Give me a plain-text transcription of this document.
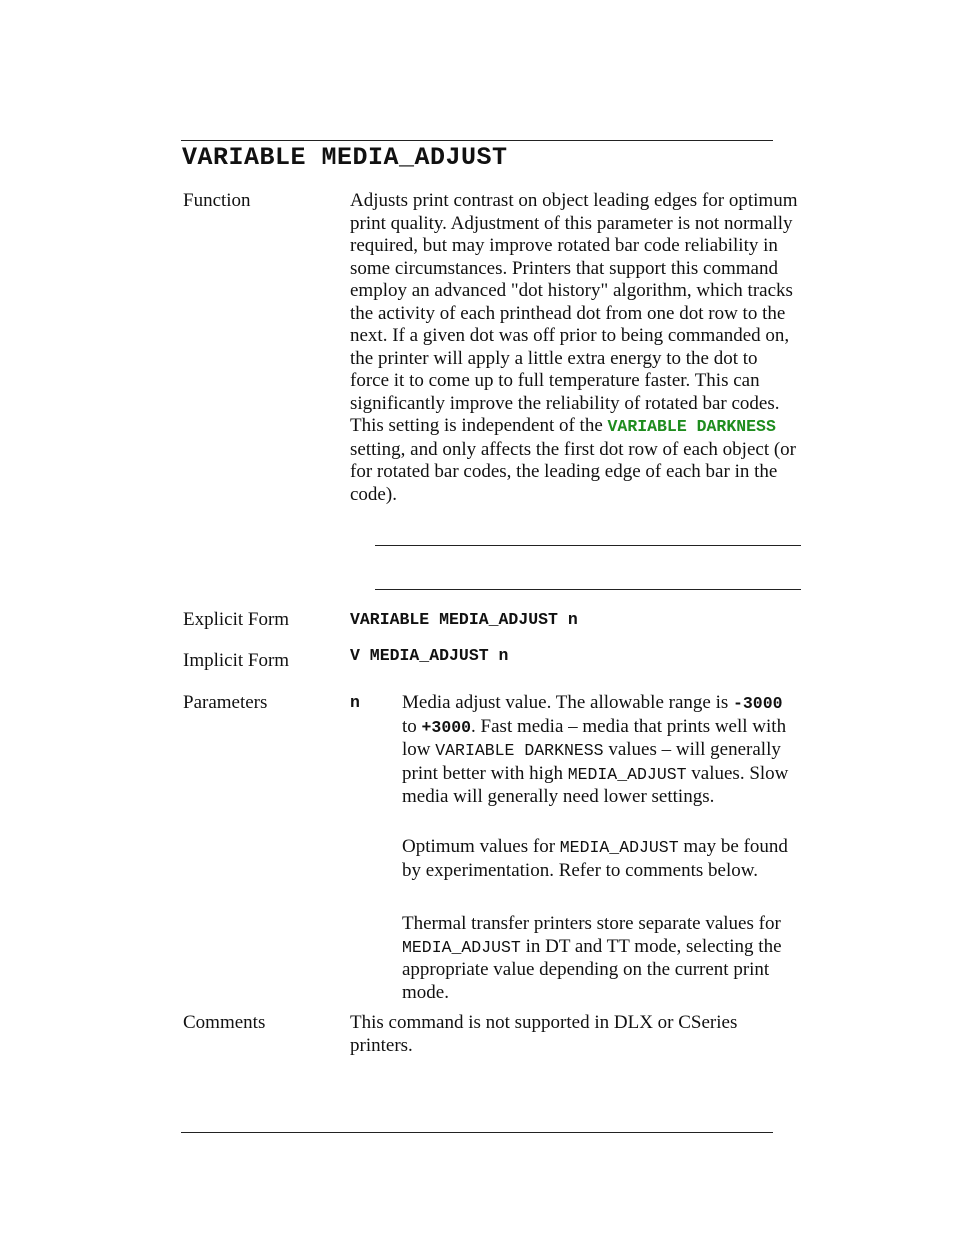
VARIABLE MEDIA_ADJUST
Function	Adjusts print contrast on object leading edges for optimum print quality. Adjustment of this parameter is not normally required, but may improve rotated bar code reliability in some circumstances. Printers that support this command employ an advanced "dot history" algorithm, which tracks the activity of each printhead dot from one dot row to the next. If a given dot was off prior to being commanded on, the printer will apply a little extra energy to the dot to force it to come up to full temperature faster. This can significantly improve the reliability of rotated bar codes. This setting is independent of the VARIABLE DARKNESS setting, and only affects the first dot row of each object (or for rotated bar codes, the leading edge of each bar in the code).
Explicit Form	VARIABLE MEDIA_ADJUST n
Implicit Form	V MEDIA_ADJUST n
Parameters	n	Media adjust value. The allowable range is -3000 to +3000. Fast media – media that prints well with low VARIABLE DARKNESS values – will generally print better with high MEDIA_ADJUST values. Slow media will generally need lower settings.
Optimum values for MEDIA_ADJUST may be found by experimentation. Refer to comments below.
Thermal transfer printers store separate values for MEDIA_ADJUST in DT and TT mode, selecting the appropriate value depending on the current print mode.
Comments	This command is not supported in DLX or CSeries printers.
